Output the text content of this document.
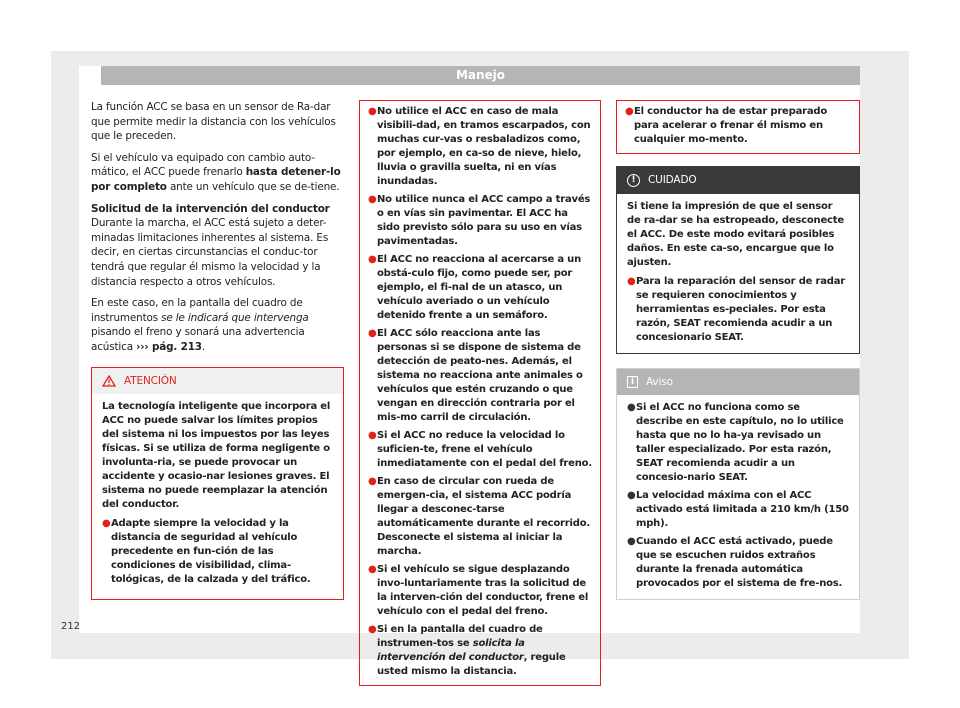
Manejo

La función ACC se basa en un sensor de Ra-dar que permite medir la distancia con los vehículos que le preceden.

Si el vehículo va equipado con cambio auto-mático, el ACC puede frenarlo hasta detener-lo por completo ante un vehículo que se de-tiene.

Solicitud de la intervención del conductor

Durante la marcha, el ACC está sujeto a deter-minadas limitaciones inherentes al sistema. Es decir, en ciertas circunstancias el conduc-tor tendrá que regular él mismo la velocidad y la distancia respecto a otros vehículos.

En este caso, en la pantalla del cuadro de instrumentos se le indicará que intervenga pisando el freno y sonará una advertencia acústica ››› pág. 213.

ATENCIÓN

La tecnología inteligente que incorpora el ACC no puede salvar los límites propios del sistema ni los impuestos por las leyes físicas. Si se utiliza de forma negligente o involunta-ria, se puede provocar un accidente y ocasio-nar lesiones graves. El sistema no puede reemplazar la atención del conductor.

● Adapte siempre la velocidad y la distancia de seguridad al vehículo precedente en fun-ción de las condiciones de visibilidad, clima-tológicas, de la calzada y del tráfico.
● No utilice el ACC en caso de mala visibili-dad, en tramos escarpados, con muchas cur-vas o resbaladizos como, por ejemplo, en ca-so de nieve, hielo, lluvia o gravilla suelta, ni en vías inundadas.
● No utilice nunca el ACC campo a través o en vías sin pavimentar. El ACC ha sido previsto sólo para su uso en vías pavimentadas.
● El ACC no reacciona al acercarse a un obstá-culo fijo, como puede ser, por ejemplo, el fi-nal de un atasco, un vehículo averiado o un vehículo detenido frente a un semáforo.
● El ACC sólo reacciona ante las personas si se dispone de sistema de detección de peato-nes. Además, el sistema no reacciona ante animales o vehículos que estén cruzando o que vengan en dirección contraria por el mis-mo carril de circulación.
● Si el ACC no reduce la velocidad lo suficien-te, frene el vehículo inmediatamente con el pedal del freno.
● En caso de circular con rueda de emergen-cia, el sistema ACC podría llegar a desconec-tarse automáticamente durante el recorrido. Desconecte el sistema al iniciar la marcha.
● Si el vehículo se sigue desplazando invo-luntariamente tras la solicitud de la interven-ción del conductor, frene el vehículo con el pedal del freno.
● Si en la pantalla del cuadro de instrumen-tos se solicita la intervención del conductor, regule usted mismo la distancia.
● El conductor ha de estar preparado para acelerar o frenar él mismo en cualquier mo-mento.
!	CUIDADO

Si tiene la impresión de que el sensor de ra-dar se ha estropeado, desconecte el ACC. De este modo evitará posibles daños. En este ca-so, encargue que lo ajusten.

● Para la reparación del sensor de radar se requieren conocimientos y herramientas es-peciales. Por esta razón, SEAT recomienda acudir a un concesionario SEAT.
i	Aviso
● Si el ACC no funciona como se describe en este capítulo, no lo utilice hasta que no lo ha-ya revisado un taller especializado. Por esta razón, SEAT recomienda acudir a un concesio-nario SEAT.
● La velocidad máxima con el ACC activado está limitada a 210 km/h (150 mph).
● Cuando el ACC está activado, puede que se escuchen ruidos extraños durante la frenada automática provocados por el sistema de fre-nos.
212
